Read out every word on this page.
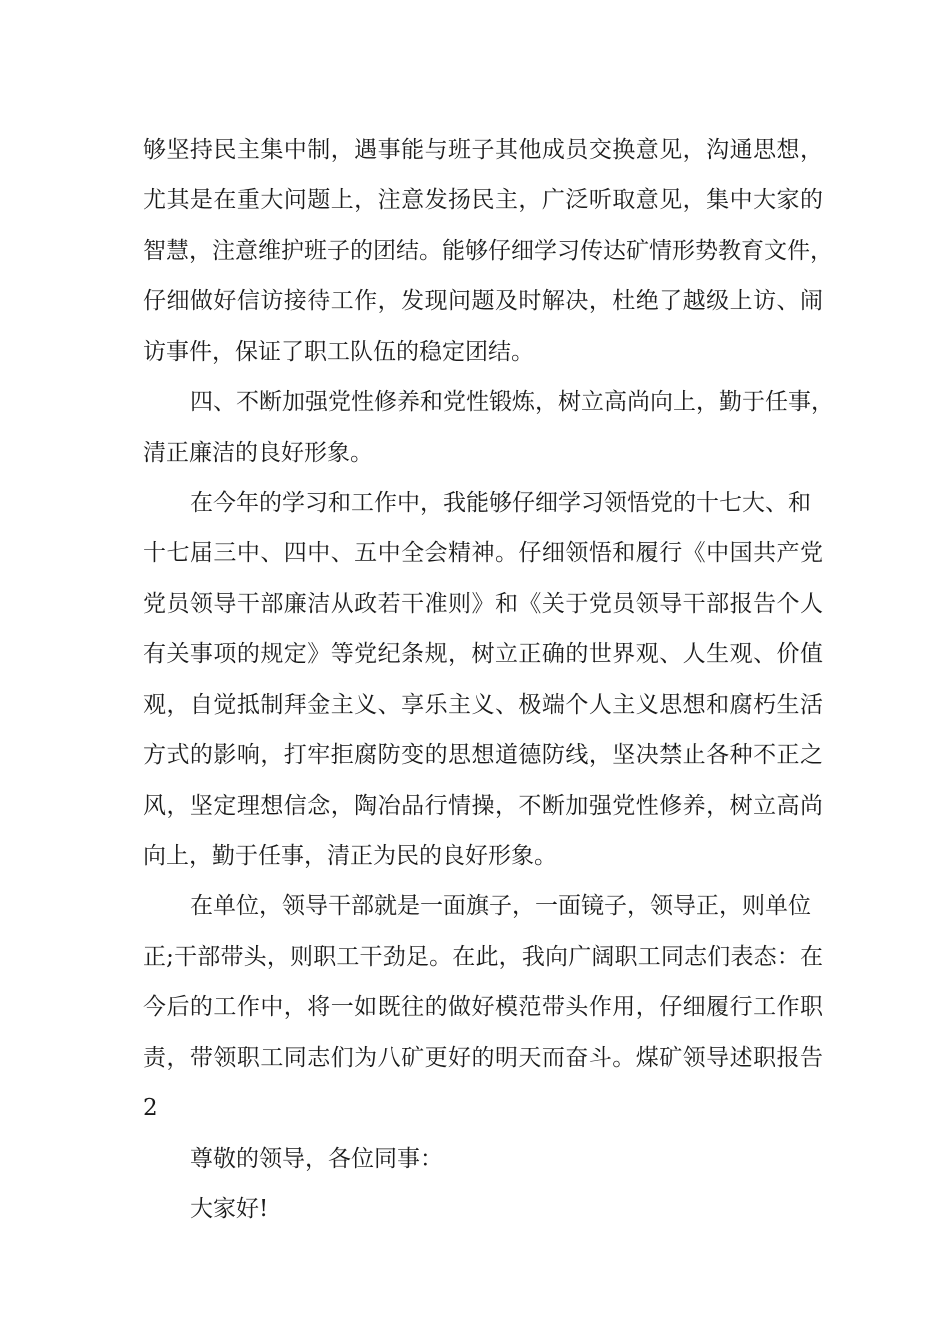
够坚持民主集中制，遇事能与班子其他成员交换意见，沟通思想，
尤其是在重大问题上，注意发扬民主，广泛听取意见，集中大家的
智慧，注意维护班子的团结。能够仔细学习传达矿情形势教育文件，
仔细做好信访接待工作，发现问题及时解决，杜绝了越级上访、闹
访事件，保证了职工队伍的稳定团结。
四、不断加强党性修养和党性锻炼，树立高尚向上，勤于任事，
清正廉洁的良好形象。
在今年的学习和工作中，我能够仔细学习领悟党的十七大、和
十七届三中、四中、五中全会精神。仔细领悟和履行《中国共产党
党员领导干部廉洁从政若干准则》和《关于党员领导干部报告个人
有关事项的规定》等党纪条规，树立正确的世界观、人生观、价值
观，自觉抵制拜金主义、享乐主义、极端个人主义思想和腐朽生活
方式的影响，打牢拒腐防变的思想道德防线，坚决禁止各种不正之
风，坚定理想信念，陶冶品行情操，不断加强党性修养，树立高尚
向上，勤于任事，清正为民的良好形象。
在单位，领导干部就是一面旗子，一面镜子，领导正，则单位
正;干部带头，则职工干劲足。在此，我向广阔职工同志们表态：在
今后的工作中，将一如既往的做好模范带头作用，仔细履行工作职
责，带领职工同志们为八矿更好的明天而奋斗。煤矿领导述职报告
2
尊敬的领导，各位同事：
大家好!
